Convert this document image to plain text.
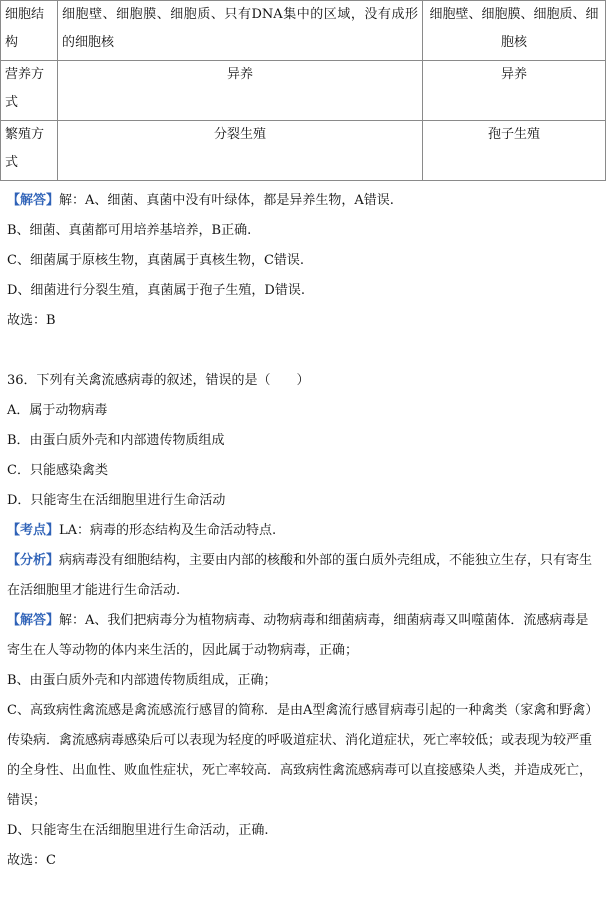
细胞结构	细胞壁、细胞膜、细胞质、只有DNA集中的区域，没有成形的细胞核	细胞壁、细胞膜、细胞质、细胞核
营养方式	异养	异养
繁殖方式	分裂生殖	孢子生殖

【解答】解：A、细菌、真菌中没有叶绿体，都是异养生物，A错误.

B、细菌、真菌都可用培养基培养，B正确.

C、细菌属于原核生物，真菌属于真核生物，C错误.

D、细菌进行分裂生殖，真菌属于孢子生殖，D错误.

故选：B

36．下列有关禽流感病毒的叙述，错误的是（　　）

A．属于动物病毒

B．由蛋白质外壳和内部遗传物质组成

C．只能感染禽类

D．只能寄生在活细胞里进行生命活动

【考点】LA：病毒的形态结构及生命活动特点.

【分析】病病毒没有细胞结构，主要由内部的核酸和外部的蛋白质外壳组成，不能独立生存，只有寄生在活细胞里才能进行生命活动.

【解答】解：A、我们把病毒分为植物病毒、动物病毒和细菌病毒，细菌病毒又叫噬菌体．流感病毒是寄生在人等动物的体内来生活的，因此属于动物病毒，正确；

B、由蛋白质外壳和内部遗传物质组成，正确；

C、高致病性禽流感是禽流感流行感冒的简称．是由A型禽流行感冒病毒引起的一种禽类（家禽和野禽）传染病．禽流感病毒感染后可以表现为轻度的呼吸道症状、消化道症状，死亡率较低；或表现为较严重的全身性、出血性、败血性症状，死亡率较高．高致病性禽流感病毒可以直接感染人类，并造成死亡，错误；

D、只能寄生在活细胞里进行生命活动，正确.

故选：C
